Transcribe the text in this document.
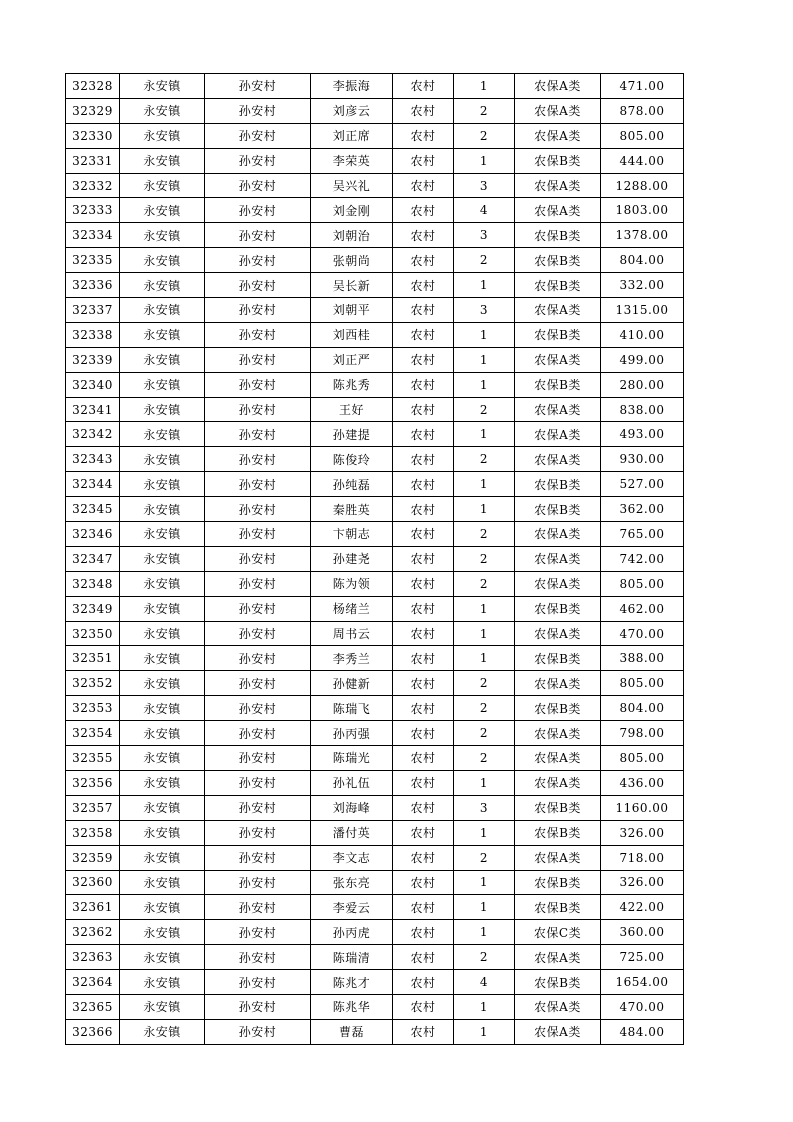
32328	永安镇	孙安村	李振海	农村	1	农保A类	471.00
32329	永安镇	孙安村	刘彦云	农村	2	农保A类	878.00
32330	永安镇	孙安村	刘正席	农村	2	农保A类	805.00
32331	永安镇	孙安村	李荣英	农村	1	农保B类	444.00
32332	永安镇	孙安村	吴兴礼	农村	3	农保A类	1288.00
32333	永安镇	孙安村	刘金刚	农村	4	农保A类	1803.00
32334	永安镇	孙安村	刘朝治	农村	3	农保B类	1378.00
32335	永安镇	孙安村	张朝尚	农村	2	农保B类	804.00
32336	永安镇	孙安村	吴长新	农村	1	农保B类	332.00
32337	永安镇	孙安村	刘朝平	农村	3	农保A类	1315.00
32338	永安镇	孙安村	刘西桂	农村	1	农保B类	410.00
32339	永安镇	孙安村	刘正严	农村	1	农保A类	499.00
32340	永安镇	孙安村	陈兆秀	农村	1	农保B类	280.00
32341	永安镇	孙安村	王好	农村	2	农保A类	838.00
32342	永安镇	孙安村	孙建提	农村	1	农保A类	493.00
32343	永安镇	孙安村	陈俊玲	农村	2	农保A类	930.00
32344	永安镇	孙安村	孙纯磊	农村	1	农保B类	527.00
32345	永安镇	孙安村	秦胜英	农村	1	农保B类	362.00
32346	永安镇	孙安村	卞朝志	农村	2	农保A类	765.00
32347	永安镇	孙安村	孙建尧	农村	2	农保A类	742.00
32348	永安镇	孙安村	陈为领	农村	2	农保A类	805.00
32349	永安镇	孙安村	杨绪兰	农村	1	农保B类	462.00
32350	永安镇	孙安村	周书云	农村	1	农保A类	470.00
32351	永安镇	孙安村	李秀兰	农村	1	农保B类	388.00
32352	永安镇	孙安村	孙健新	农村	2	农保A类	805.00
32353	永安镇	孙安村	陈瑞飞	农村	2	农保B类	804.00
32354	永安镇	孙安村	孙丙强	农村	2	农保A类	798.00
32355	永安镇	孙安村	陈瑞光	农村	2	农保A类	805.00
32356	永安镇	孙安村	孙礼伍	农村	1	农保A类	436.00
32357	永安镇	孙安村	刘海峰	农村	3	农保B类	1160.00
32358	永安镇	孙安村	潘付英	农村	1	农保B类	326.00
32359	永安镇	孙安村	李文志	农村	2	农保A类	718.00
32360	永安镇	孙安村	张东亮	农村	1	农保B类	326.00
32361	永安镇	孙安村	李爱云	农村	1	农保B类	422.00
32362	永安镇	孙安村	孙丙虎	农村	1	农保C类	360.00
32363	永安镇	孙安村	陈瑞清	农村	2	农保A类	725.00
32364	永安镇	孙安村	陈兆才	农村	4	农保B类	1654.00
32365	永安镇	孙安村	陈兆华	农村	1	农保A类	470.00
32366	永安镇	孙安村	曹磊	农村	1	农保A类	484.00
